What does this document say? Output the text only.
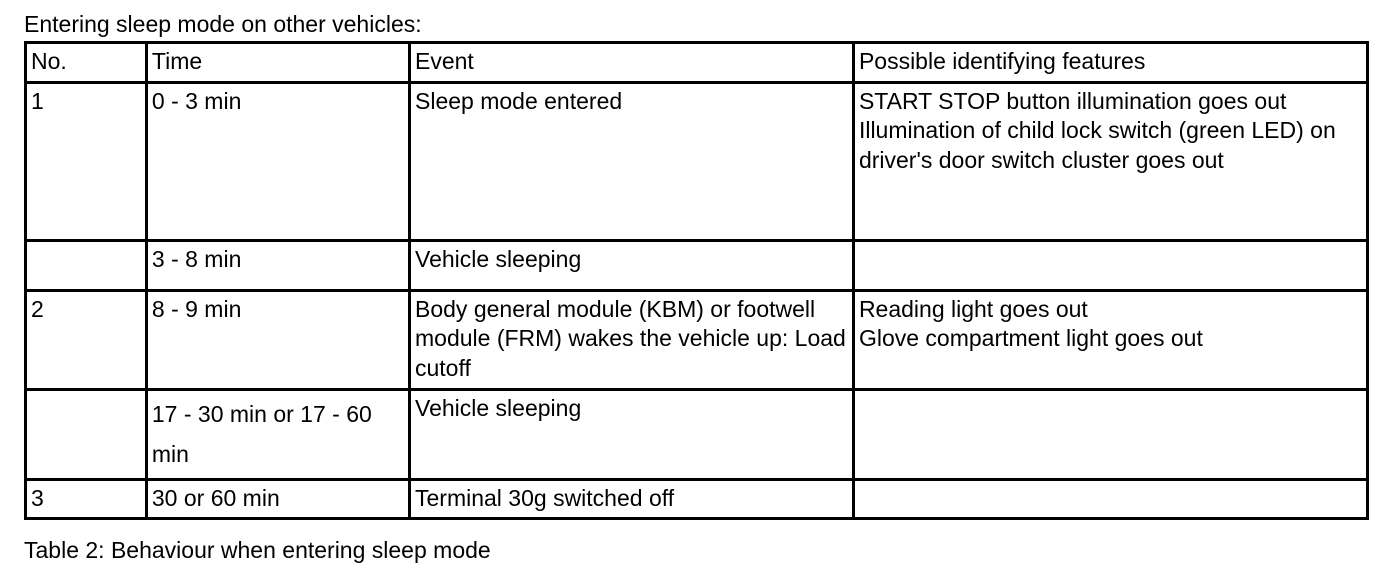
Entering sleep mode on other vehicles:
No.	Time	Event	Possible identifying features
1	0 - 3 min	Sleep mode entered	START STOP button illumination goes out
Illumination of child lock switch (green LED) on driver's door switch cluster goes out

	3 - 8 min	Vehicle sleeping	
2	8 - 9 min	Body general module (KBM) or footwell module (FRM) wakes the vehicle up: Load cutoff	Reading light goes out
Glove compartment light goes out

	17 - 30 min or 17 - 60 min	Vehicle sleeping	
3	30 or 60 min	Terminal 30g switched off	
Table 2: Behaviour when entering sleep mode
